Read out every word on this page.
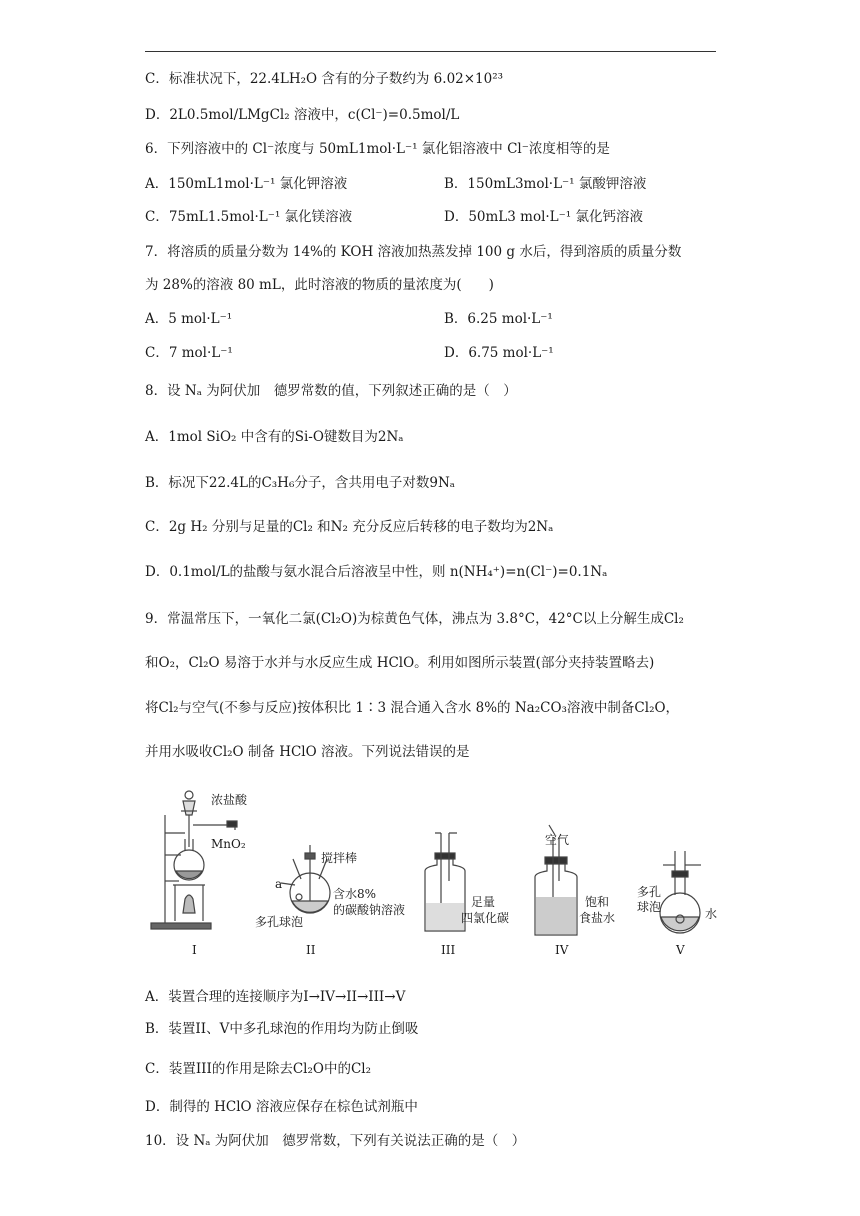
C．标准状况下，22.4LH₂O 含有的分子数约为 6.02×10²³
D．2L0.5mol/LMgCl₂ 溶液中，c(Cl⁻)=0.5mol/L
6．下列溶液中的 Cl⁻浓度与 50mL1mol·L⁻¹ 氯化铝溶液中 Cl⁻浓度相等的是
A．150mL1mol·L⁻¹ 氯化钾溶液	B．150mL3mol·L⁻¹ 氯酸钾溶液
C．75mL1.5mol·L⁻¹ 氯化镁溶液	D．50mL3 mol·L⁻¹ 氯化钙溶液
7．将溶质的质量分数为 14%的 KOH 溶液加热蒸发掉 100 g 水后，得到溶质的质量分数
为 28%的溶液 80 mL，此时溶液的物质的量浓度为(　　)
A．5 mol·L⁻¹	B．6.25 mol·L⁻¹
C．7 mol·L⁻¹	D．6.75 mol·L⁻¹
8．设 Nₐ 为阿伏加　德罗常数的值，下列叙述正确的是（　）
A．1mol SiO₂ 中含有的Si-O键数目为2Nₐ
B．标况下22.4L的C₃H₆分子，含共用电子对数9Nₐ
C．2g H₂ 分别与足量的Cl₂ 和N₂ 充分反应后转移的电子数均为2Nₐ
D．0.1mol/L的盐酸与氨水混合后溶液呈中性，则 n(NH₄⁺)=n(Cl⁻)=0.1Nₐ
9．常温常压下，一氧化二氯(Cl₂O)为棕黄色气体，沸点为 3.8°C，42°C以上分解生成Cl₂
和O₂，Cl₂O 易溶于水并与水反应生成 HClO。利用如图所示装置(部分夹持装置略去)
将Cl₂与空气(不参与反应)按体积比 1∶3 混合通入含水 8%的 Na₂CO₃溶液中制备Cl₂O，
并用水吸收Cl₂O 制备 HClO 溶液。下列说法错误的是
浓盐酸
MnO₂
搅拌棒
a
含水8%
的碳酸钠溶液
多孔球泡
足量
四氯化碳
空气
饱和
食盐水
多孔
球泡	水
I	II	III	IV	V
A．装置合理的连接顺序为I→IV→II→III→V
B．装置II、V中多孔球泡的作用均为防止倒吸
C．装置III的作用是除去Cl₂O中的Cl₂
D．制得的 HClO 溶液应保存在棕色试剂瓶中
10．设 Nₐ 为阿伏加　德罗常数，下列有关说法正确的是（　）
